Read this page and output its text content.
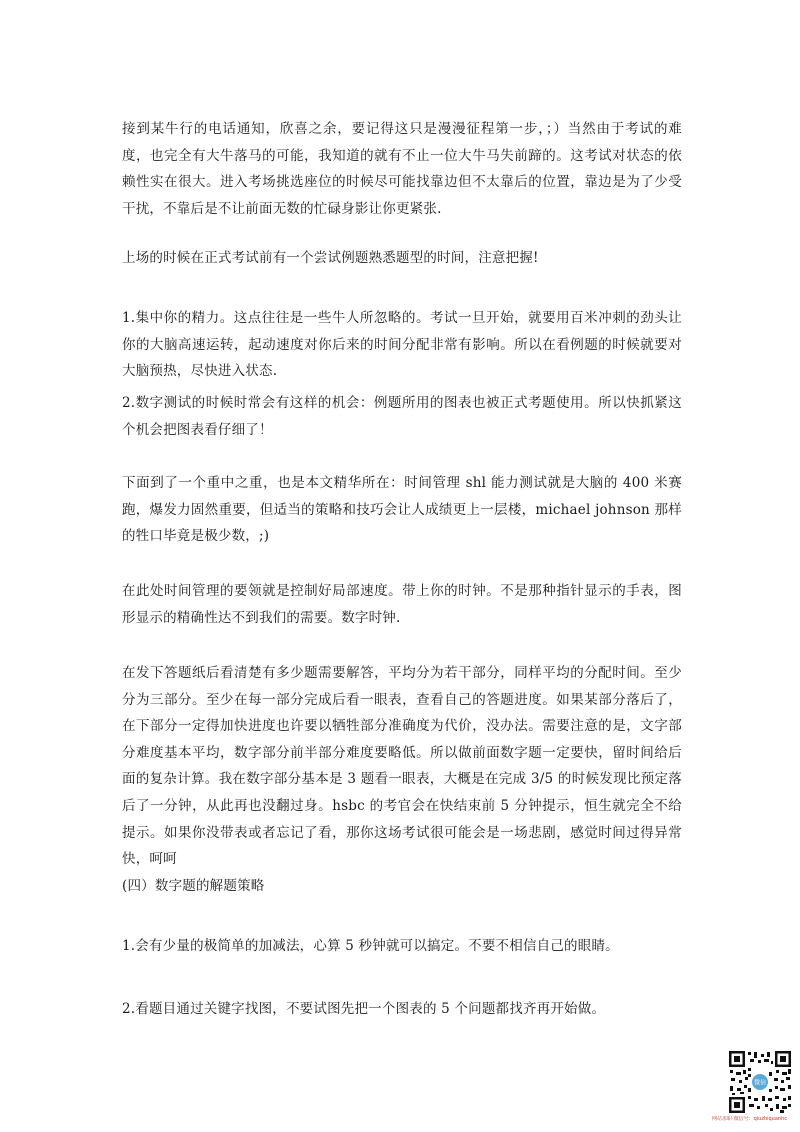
接到某牛行的电话通知，欣喜之余，要记得这只是漫漫征程第一步，；）当然由于考试的难度，也完全有大牛落马的可能，我知道的就有不止一位大牛马失前蹄的。这考试对状态的依赖性实在很大。进入考场挑选座位的时候尽可能找靠边但不太靠后的位置，靠边是为了少受干扰，不靠后是不让前面无数的忙碌身影让你更紧张.

上场的时候在正式考试前有一个尝试例题熟悉题型的时间，注意把握!

1.集中你的精力。这点往往是一些牛人所忽略的。考试一旦开始，就要用百米冲刺的劲头让你的大脑高速运转，起动速度对你后来的时间分配非常有影响。所以在看例题的时候就要对大脑预热，尽快进入状态.

2.数字测试的时候时常会有这样的机会：例题所用的图表也被正式考题使用。所以快抓紧这个机会把图表看仔细了！

下面到了一个重中之重，也是本文精华所在：时间管理 shl 能力测试就是大脑的 400 米赛跑，爆发力固然重要，但适当的策略和技巧会让人成绩更上一层楼，michael johnson 那样的牲口毕竟是极少数，;)

在此处时间管理的要领就是控制好局部速度。带上你的时钟。不是那种指针显示的手表，图形显示的精确性达不到我们的需要。数字时钟.

在发下答题纸后看清楚有多少题需要解答，平均分为若干部分，同样平均的分配时间。至少分为三部分。至少在每一部分完成后看一眼表，查看自己的答题进度。如果某部分落后了，在下部分一定得加快进度也许要以牺牲部分准确度为代价，没办法。需要注意的是，文字部分难度基本平均，数字部分前半部分难度要略低。所以做前面数字题一定要快，留时间给后面的复杂计算。我在数字部分基本是 3 题看一眼表，大概是在完成 3/5 的时候发现比预定落后了一分钟，从此再也没翻过身。hsbc 的考官会在快结束前 5 分钟提示，恒生就完全不给提示。如果你没带表或者忘记了看，那你这场考试很可能会是一场悲剧，感觉时间过得异常快，呵呵

(四）数字题的解题策略

1.会有少量的极简单的加减法，心算 5 秒钟就可以搞定。不要不相信自己的眼睛。

2.看题目通过关键字找图，不要试图先把一个图表的 5 个问题都找齐再开始做。

微信
网站求职·微信号：qiuzhiquanhc
